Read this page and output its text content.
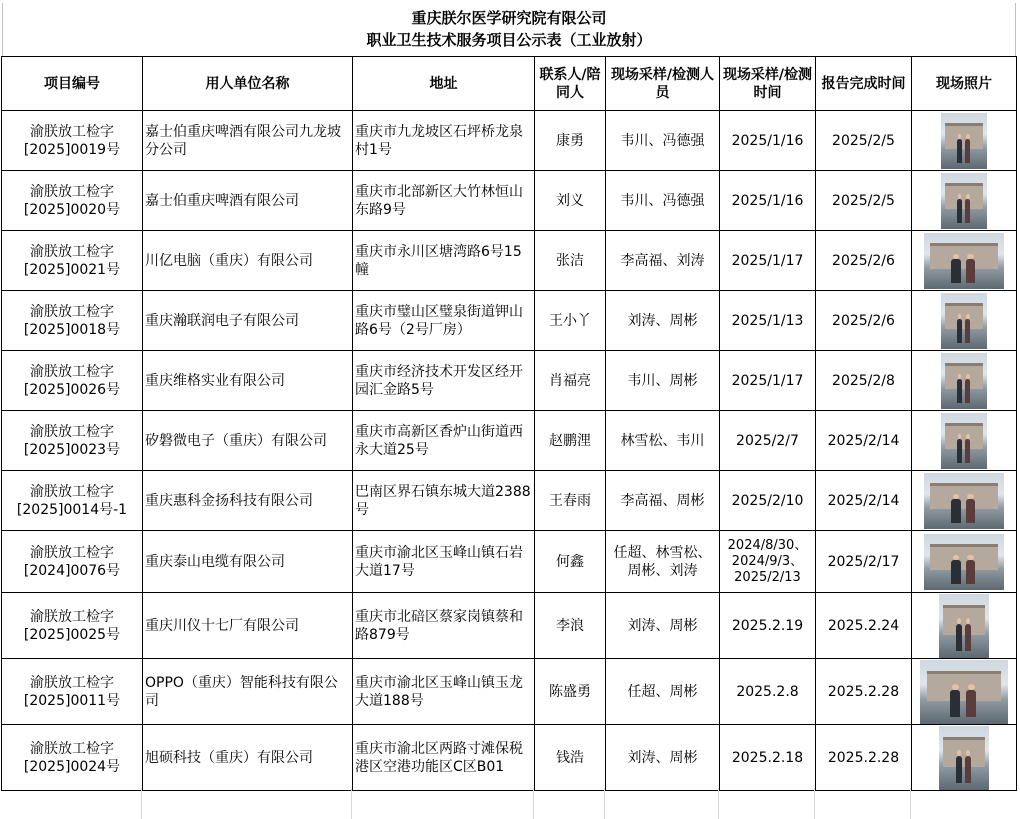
重庆朕尔医学研究院有限公司
职业卫生技术服务项目公示表（工业放射）
项目编号	用人单位名称	地址	联系人/陪同人	现场采样/检测人员	现场采样/检测时间	报告完成时间	现场照片
渝朕放工检字[2025]0019号	嘉士伯重庆啤酒有限公司九龙坡分公司	重庆市九龙坡区石坪桥龙泉村1号	康勇	韦川、冯德强	2025/1/16	2025/2/5	

渝朕放工检字[2025]0020号	嘉士伯重庆啤酒有限公司	重庆市北部新区大竹林恒山东路9号	刘义	韦川、冯德强	2025/1/16	2025/2/5	

渝朕放工检字[2025]0021号	川亿电脑（重庆）有限公司	重庆市永川区塘湾路6号15幢	张洁	李高福、刘涛	2025/1/17	2025/2/6	

渝朕放工检字[2025]0018号	重庆瀚联润电子有限公司	重庆市璧山区璧泉街道钾山路6号（2号厂房）	王小丫	刘涛、周彬	2025/1/13	2025/2/6	

渝朕放工检字[2025]0026号	重庆维格实业有限公司	重庆市经济技术开发区经开园汇金路5号	肖福亮	韦川、周彬	2025/1/17	2025/2/8	

渝朕放工检字[2025]0023号	矽磐微电子（重庆）有限公司	重庆市高新区香炉山街道西永大道25号	赵鹏浬	林雪松、韦川	2025/2/7	2025/2/14	

渝朕放工检字[2025]0014号-1	重庆惠科金扬科技有限公司	巴南区界石镇东城大道2388号	王春雨	李高福、周彬	2025/2/10	2025/2/14	

渝朕放工检字[2024]0076号	重庆泰山电缆有限公司	重庆市渝北区玉峰山镇石岩大道17号	何鑫	任超、林雪松、周彬、刘涛	2024/8/30、2024/9/3、2025/2/13	2025/2/17	

渝朕放工检字[2025]0025号	重庆川仪十七厂有限公司	重庆市北碚区蔡家岗镇蔡和路879号	李浪	刘涛、周彬	2025.2.19	2025.2.24	

渝朕放工检字[2025]0011号	OPPO（重庆）智能科技有限公司	重庆市渝北区玉峰山镇玉龙大道188号	陈盛勇	任超、周彬	2025.2.8	2025.2.28	

渝朕放工检字[2025]0024号	旭硕科技（重庆）有限公司	重庆市渝北区两路寸滩保税港区空港功能区C区B01	钱浩	刘涛、周彬	2025.2.18	2025.2.28	
